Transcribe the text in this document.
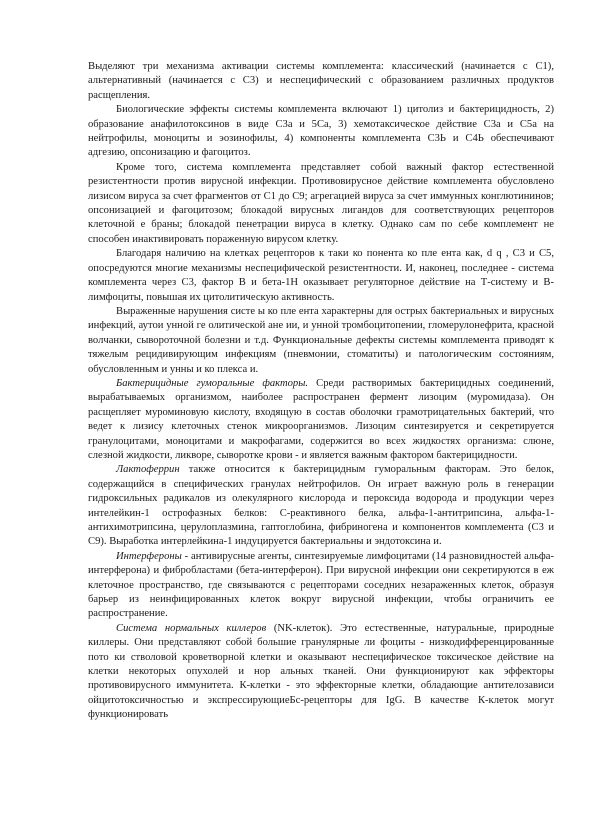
Выделяют три механизма активации системы комплемента: классический (начинается с С1), альтернативный (начинается с С3) и неспецифический с образованием различных продуктов расщепления.

Биологические эффекты системы комплемента включают 1) цитолиз и бактерицидность, 2) образование анафилотоксинов в виде С3а и 5Са, 3) хемотаксическое действие С3а и С5а на нейтрофилы, моноциты и эозинофилы, 4) компоненты комплемента С3Ь и С4Ь обеспечивают адгезию, опсонизацию и фагоцитоз.

Кроме того, система комплемента представляет собой важный фактор естественной резистентности против вирусной инфекции. Противовирусное действие комплемента обусловлено лизисом вируса за счет фрагментов от С1 до С9; агрегацией вируса за счет иммунных конглютининов; опсонизацией и фагоцитозом; блокадой вирусных лигандов для соответствующих рецепторов клеточной е браны; блокадой пенетрации вируса в клетку. Однако сам по себе комплемент не способен инактивировать пораженную вирусом клетку.

Благодаря наличию на клетках рецепторов к таки ко понента ко пле ента как, d q , С3 и С5, опосредуются многие механизмы неспецифической резистентности. И, наконец, последнее - система комплемента через С3, фактор В и бета-1Н оказывает регуляторное действие на Т-систему и В-лимфоциты, повышая их цитолитическую активность.

Выраженные нарушения систе ы ко пле ента характерны для острых бактериальных и вирусных инфекций, аутои унной ге олитической ане ии, и унной тромбоцитопении, гломерулонефрита, красной волчанки, сывороточной болезни и т.д. Функциональные дефекты системы комплемента приводят к тяжелым рецидивирующим инфекциям (пневмонии, стоматиты) и патологическим состояниям, обусловленным и унны и ко плекса и.

Бактерицидные гуморальные факторы. Среди растворимых бактерицидных соединений, вырабатываемых организмом, наиболее распространен фермент лизоцим (муромидаза). Он расщепляет муроминовую кислоту, входящую в состав оболочки грамотрицательных бактерий, что ведет к лизису клеточных стенок микроорганизмов. Лизоцим синтезируется и секретируется гранулоцитами, моноцитами и макрофагами, содержится во всех жидкостях организма: слюне, слезной жидкости, ликворе, сыворотке крови - и является важным фактором бактерицидности.

Лактоферрин также относится к бактерицидным гуморальным факторам. Это белок, содержащийся в специфических гранулах нейтрофилов. Он играет важную роль в генерации гидроксильных радикалов из олекулярного кислорода и пероксида водорода и продукции через интелейкин-1 острофазных белков: С-реактивного белка, альфа-1-антитрипсина, альфа-1-антихимотрипсина, церулоплазмина, гаптоглобина, фибриногена и компонентов комплемента (С3 и С9). Выработка интерлейкина-1 индуцируется бактериальны и эндотоксина и.

Интерфероны - антивирусные агенты, синтезируемые лимфоцитами (14 разновидностей альфа-интерферона) и фибробластами (бета-интерферон). При вирусной инфекции они секретируются в еж клеточное пространство, где связываются с рецепторами соседних незараженных клеток, образуя барьер из неинфицированных клеток вокруг вирусной инфекции, чтобы ограничить ее распространение.

Система нормальных киллеров (NK-клеток). Это естественные, натуральные, природные киллеры. Они представляют собой большие гранулярные ли фоциты - низкодифференцированные пото ки стволовой кроветворной клетки и оказывают неспецифическое токсическое действие на клетки некоторых опухолей и нор альных тканей. Они функционируют как эффекторы противовирусного иммунитета. К-клетки - это эффекторные клетки, обладающие антителозависи ойцитотоксичностью и экспрессирующиеБс-рецепторы для IgG. В качестве К-клеток могут функционировать
